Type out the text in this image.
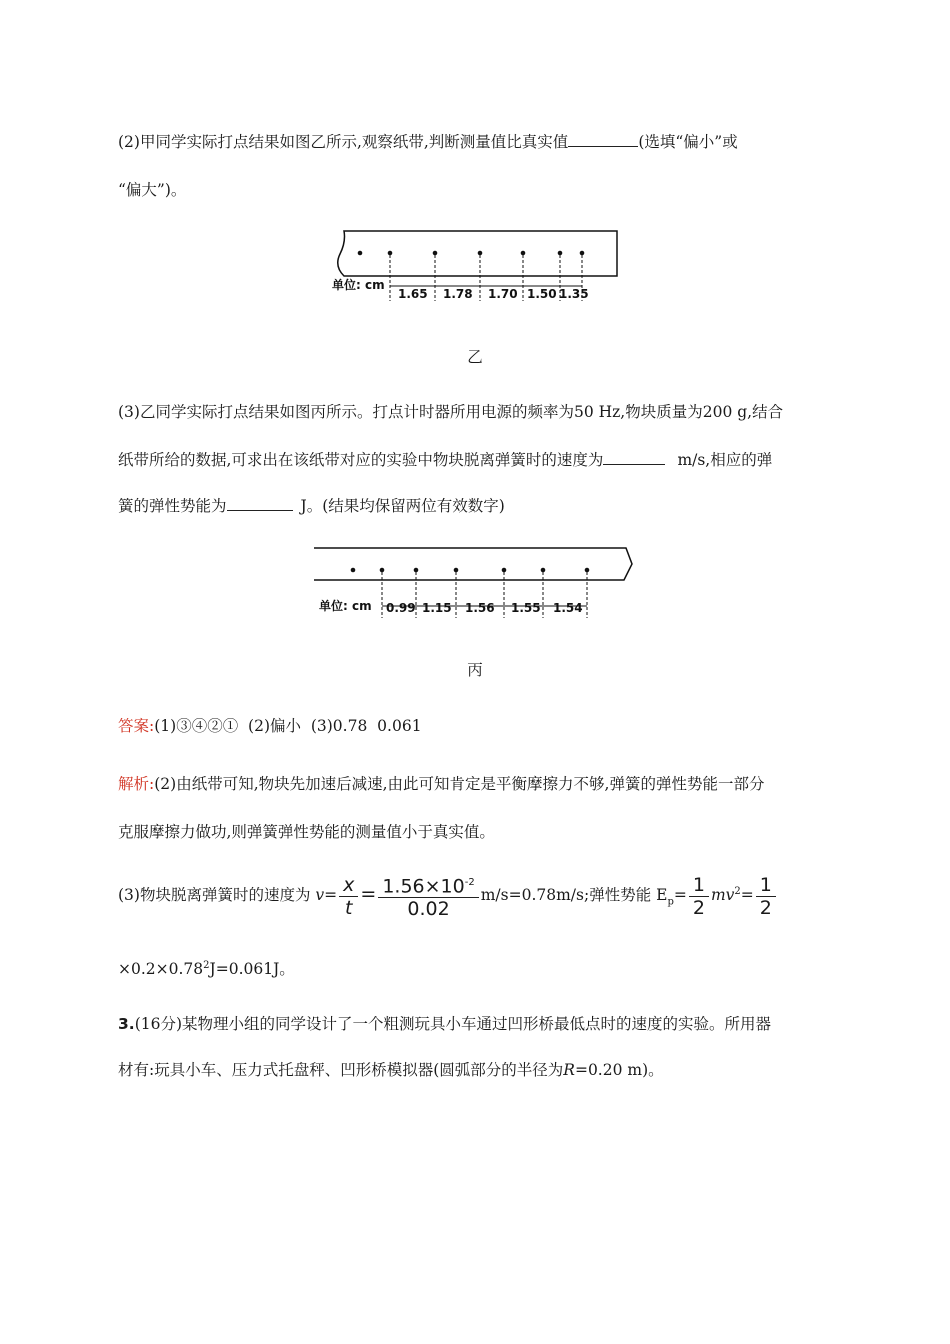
(2)甲同学实际打点结果如图乙所示,观察纸带,判断测量值比真实值	(选填“偏小”或
“偏大”)。
单位: cm
1.65 1.78 1.70 1.50 1.35
乙
(3)乙同学实际打点结果如图丙所示。打点计时器所用电源的频率为50 Hz,物块质量为200 g,结合
纸带所给的数据,可求出在该纸带对应的实验中物块脱离弹簧时的速度为	m/s,相应的弹
簧的弹性势能为	J。(结果均保留两位有效数字)
单位: cm 0.99 1.15 1.56 1.55 1.54
丙
答案:(1)③④②①  (2)偏小  (3)0.78  0.061
解析:(2)由纸带可知,物块先加速后减速,由此可知肯定是平衡摩擦力不够,弹簧的弹性势能一部分
克服摩擦力做功,则弹簧弹性势能的测量值小于真实值。
(3)物块脱离弹簧时的速度为 $v= \frac{x}{t} = \frac{1.56\times 10^{-2}}{0.02} m/s=0.78m/s$;弹性势能 $E_p= \frac{1}{2} mv^2= \frac{1}{2}$
$\times 0.2\times 0.78^2J=0.061J$。
3.(16分)某物理小组的同学设计了一个粗测玩具小车通过凹形桥最低点时的速度的实验。所用器
材有:玩具小车、压力式托盘秤、凹形桥模拟器(圆弧部分的半径为R=0.20 m)。
